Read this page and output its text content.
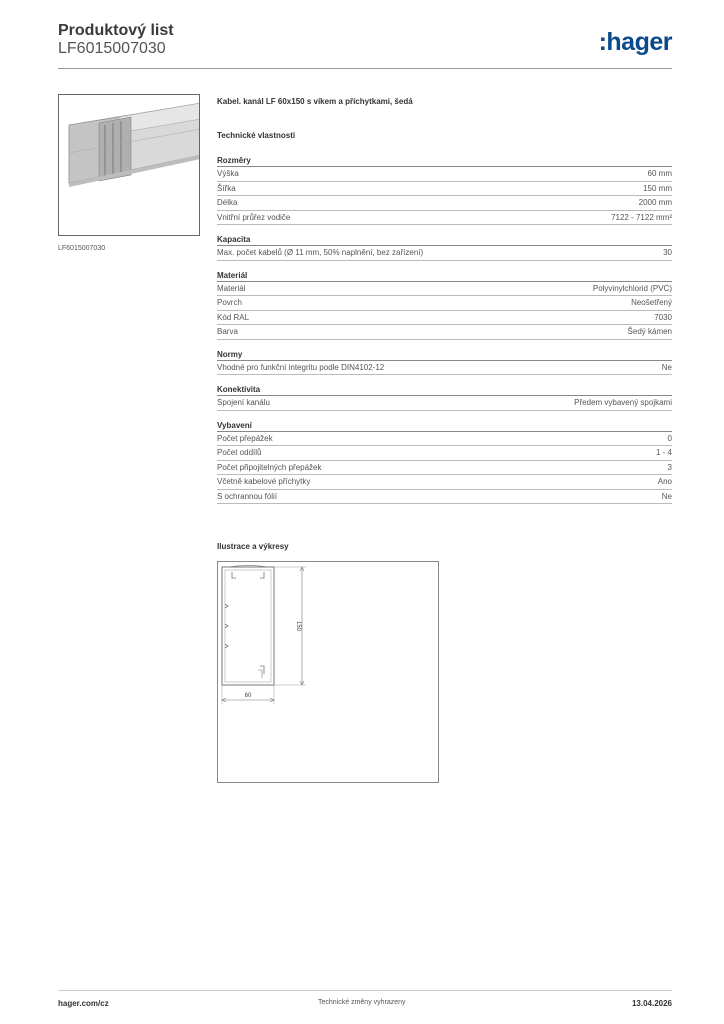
Produktový list
LF6015007030	:hager
LF6015007030
Kabel. kanál LF 60x150 s víkem a příchytkami, šedá
Technické vlastnosti
Rozměry
Výška	60 mm
Šířka	150 mm
Délka	2000 mm
Vnitřní průřez vodiče	7122 - 7122 mm²
Kapacita
Max. počet kabelů (Ø 11 mm, 50% naplnění, bez zařízení)	30
Materiál
Materiál	Polyvinylchlorid (PVC)
Povrch	Neošetřený
Kód RAL	7030
Barva	Šedý kámen
Normy
Vhodné pro funkční integritu podle DIN4102-12	Ne
Konektivita
Spojení kanálu	Předem vybavený spojkami
Vybavení
Počet přepážek	0
Počet oddílů	1 - 4
Počet připojitelných přepážek	3
Včetně kabelové příchytky	Ano
S ochrannou fólií	Ne
Ilustrace a výkresy
150
60
hager.com/cz	Technické změny vyhrazeny	13.04.2026
